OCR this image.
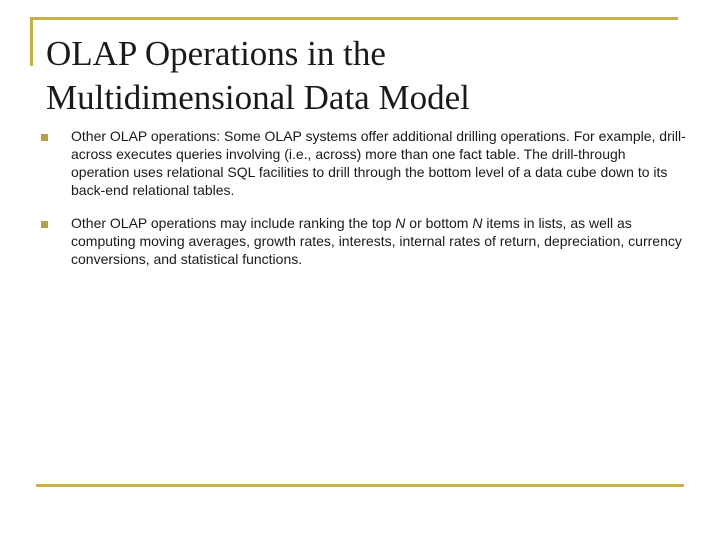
OLAP Operations in the
Multidimensional Data Model
Other OLAP operations: Some OLAP systems offer additional drilling operations. For example, drill-across executes queries involving (i.e., across) more than one fact table. The drill-through operation uses relational SQL facilities to drill through the bottom level of a data cube down to its back-end relational tables.
Other OLAP operations may include ranking the top N or bottom N items in lists, as well as computing moving averages, growth rates, interests, internal rates of return, depreciation, currency conversions, and statistical functions.
